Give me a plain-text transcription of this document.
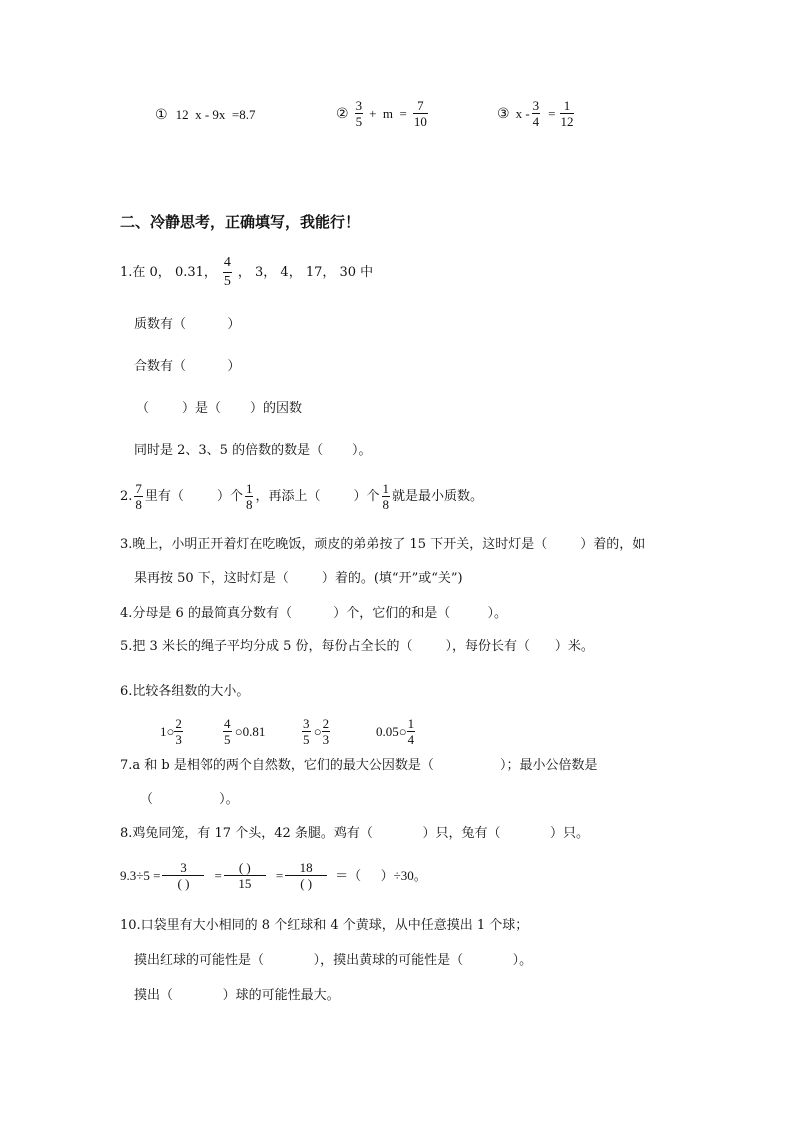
① 12  x - 9x  =8.7	② $\frac{3}{5} + m = \frac{7}{10}$	③ $x - \frac{3}{4} = \frac{1}{12}$
二、冷静思考，正确填写，我能行！
1.在 0， 0.31， $\frac{4}{5}$ ， 3， 4， 17， 30 中
质数有（          ）
合数有（          ）
（        ）是（       ）的因数
同时是 2、3、5 的倍数的数是（       ）。
2. $\frac{7}{8}$ 里有（        ）个 $\frac{1}{8}$ ，再添上（        ）个 $\frac{1}{8}$ 就是最小质数。
3.晚上，小明正开着灯在吃晚饭，顽皮的弟弟按了 15 下开关，这时灯是（        ）着的，如
果再按 50 下，这时灯是（        ）着的。(填“开”或“关”)
4.分母是 6 的最简真分数有（          ）个，它们的和是（         ）。
5.把 3 米长的绳子平均分成 5 份，每份占全长的（        ），每份长有（      ）米。
6.比较各组数的大小。
1○ $\frac{2}{3}$	$\frac{4}{5}$ ○0.81	$\frac{3}{5}$ ○ $\frac{2}{3}$	0.05○ $\frac{1}{4}$
7.a 和 b 是相邻的两个自然数，它们的最大公因数是（                ）；最小公倍数是
（                ）。
8.鸡兔同笼，有 17 个头，42 条腿。鸡有（            ）只，兔有（            ）只。
$9.3\div 5 = \frac{3}{( )} = \frac{( )}{15} = \frac{18}{( )}$ ＝（      ）÷30。
10.口袋里有大小相同的 8 个红球和 4 个黄球，从中任意摸出 1 个球；
摸出红球的可能性是（            ），摸出黄球的可能性是（            ）。
摸出（            ）球的可能性最大。
